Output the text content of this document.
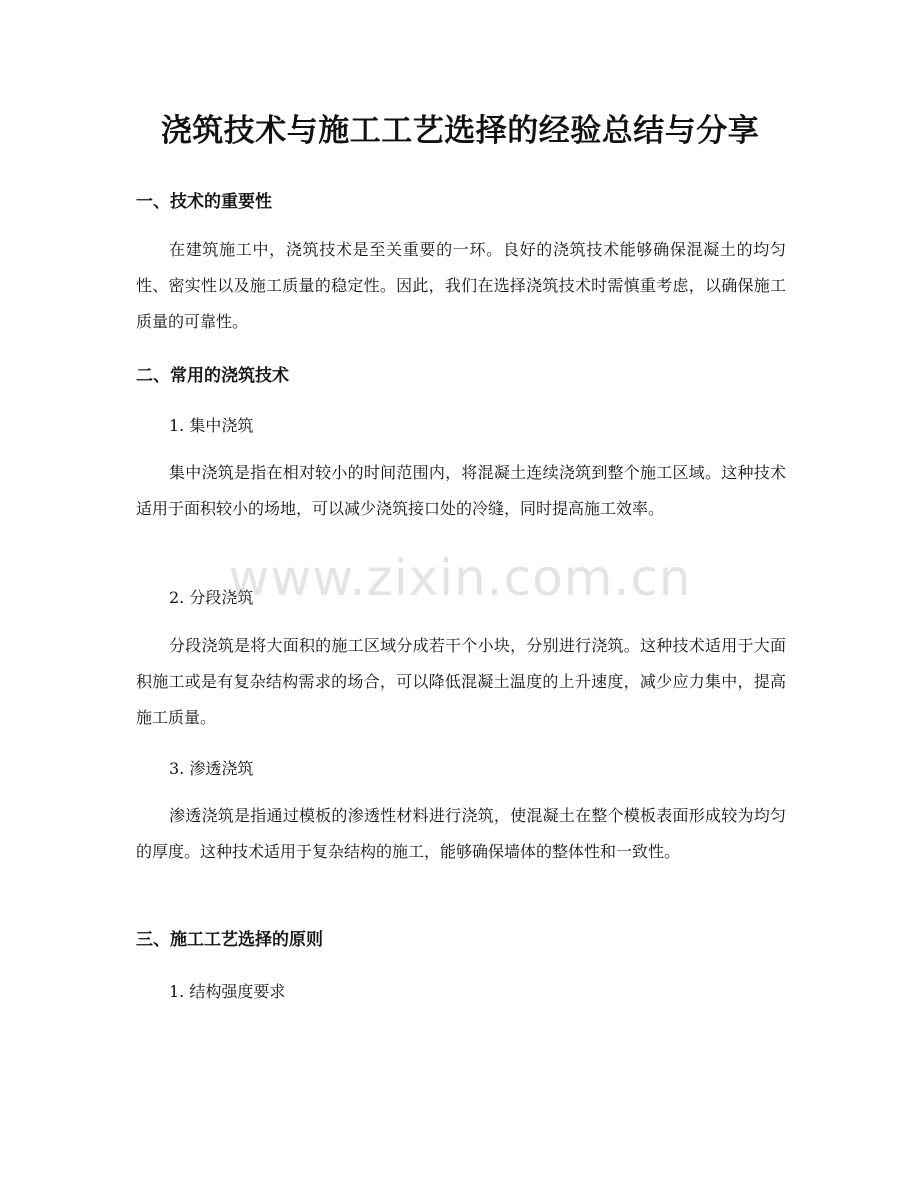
浇筑技术与施工工艺选择的经验总结与分享
一、技术的重要性

在建筑施工中，浇筑技术是至关重要的一环。良好的浇筑技术能够确保混凝土的均匀性、密实性以及施工质量的稳定性。因此，我们在选择浇筑技术时需慎重考虑，以确保施工质量的可靠性。

二、常用的浇筑技术

1. 集中浇筑

集中浇筑是指在相对较小的时间范围内，将混凝土连续浇筑到整个施工区域。这种技术适用于面积较小的场地，可以减少浇筑接口处的冷缝，同时提高施工效率。

2. 分段浇筑

分段浇筑是将大面积的施工区域分成若干个小块，分别进行浇筑。这种技术适用于大面积施工或是有复杂结构需求的场合，可以降低混凝土温度的上升速度，减少应力集中，提高施工质量。

3. 渗透浇筑

渗透浇筑是指通过模板的渗透性材料进行浇筑，使混凝土在整个模板表面形成较为均匀的厚度。这种技术适用于复杂结构的施工，能够确保墙体的整体性和一致性。

三、施工工艺选择的原则

1. 结构强度要求

www.zixin.com.cn
